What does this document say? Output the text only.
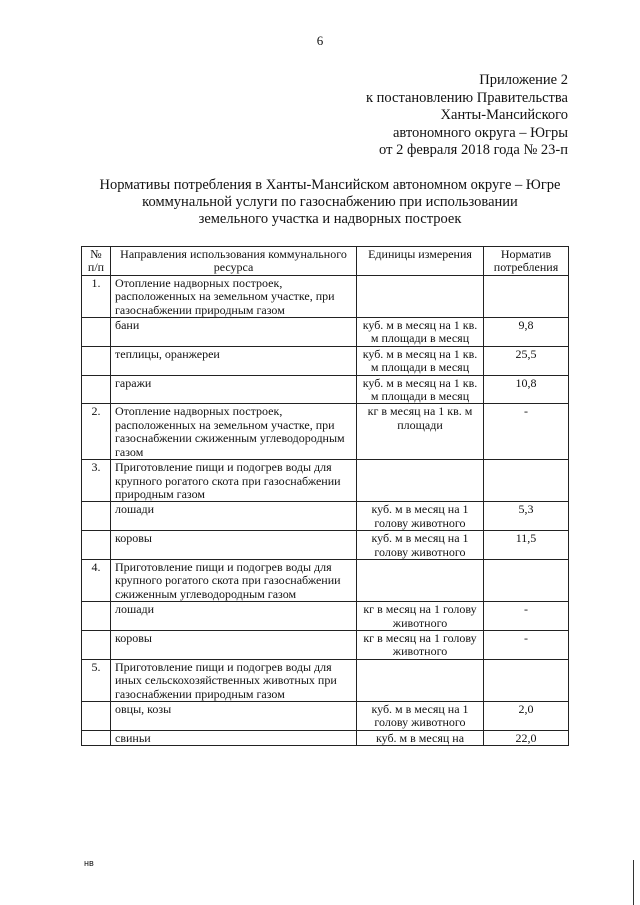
6
Приложение 2
к постановлению Правительства
Ханты-Мансийского
автономного округа – Югры
от 2 февраля 2018 года № 23-п
Нормативы потребления в Ханты-Мансийском автономном округе – Югре
коммунальной услуги по газоснабжению при использовании
земельного участка и надворных построек
№ п/п	Направления использования коммунального ресурса	Единицы измерения	Норматив потребления
1.	Отопление надворных построек, расположенных на земельном участке, при газоснабжении природным газом		
	бани	куб. м в месяц на 1 кв. м площади в месяц	9,8
	теплицы, оранжереи	куб. м в месяц на 1 кв. м площади в месяц	25,5
	гаражи	куб. м в месяц на 1 кв. м площади в месяц	10,8
2.	Отопление надворных построек, расположенных на земельном участке, при газоснабжении сжиженным углеводородным газом	кг в месяц на 1 кв. м площади	-
3.	Приготовление пищи и подогрев воды для крупного рогатого скота при газоснабжении природным газом		
	лошади	куб. м в месяц на 1 голову животного	5,3
	коровы	куб. м в месяц на 1 голову животного	11,5
4.	Приготовление пищи и подогрев воды для крупного рогатого скота при газоснабжении сжиженным углеводородным газом		
	лошади	кг в месяц на 1 голову животного	-
	коровы	кг в месяц на 1 голову животного	-
5.	Приготовление пищи и подогрев воды для иных сельскохозяйственных животных при газоснабжении природным газом		
	овцы, козы	куб. м в месяц на 1 голову животного	2,0
	свиньи	куб. м в месяц на	22,0
нв
